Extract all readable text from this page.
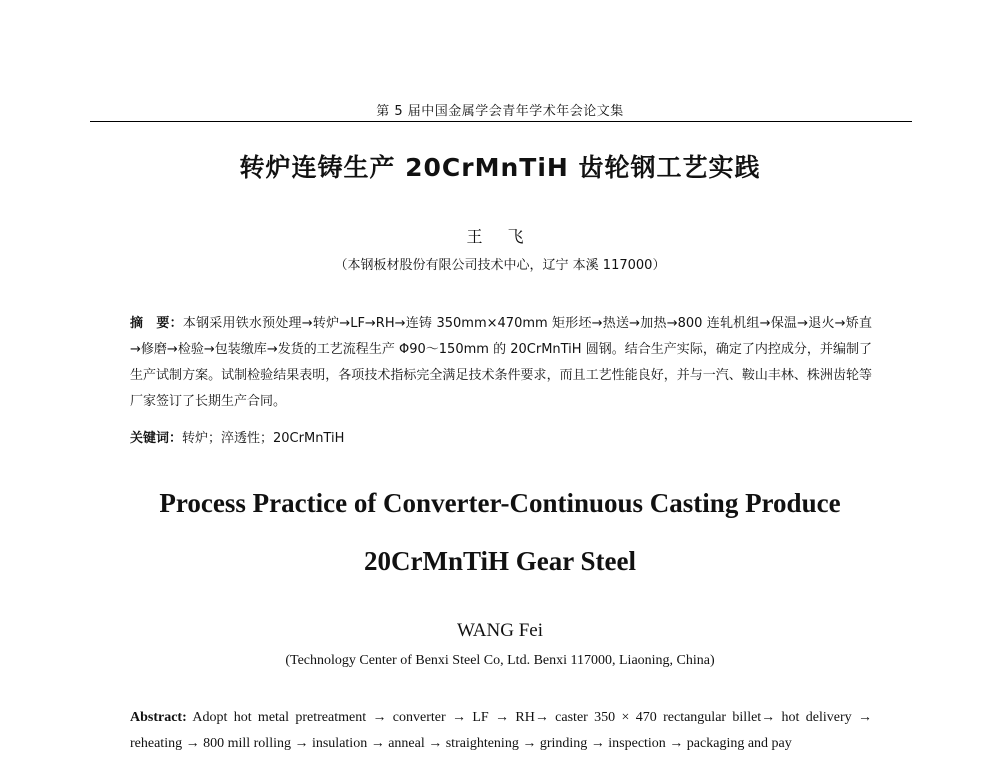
第 5 届中国金属学会青年学术年会论文集
转炉连铸生产 20CrMnTiH 齿轮钢工艺实践
王 飞
（本钢板材股份有限公司技术中心，辽宁 本溪 117000）
摘　要：本钢采用铁水预处理→转炉→LF→RH→连铸 350mm×470mm 矩形坯→热送→加热→800 连轧机组→保温→退火→矫直→修磨→检验→包装缴库→发货的工艺流程生产 Φ90～150mm 的 20CrMnTiH 圆钢。结合生产实际，确定了内控成分，并编制了生产试制方案。试制检验结果表明，各项技术指标完全满足技术条件要求，而且工艺性能良好，并与一汽、鞍山丰林、株洲齿轮等厂家签订了长期生产合同。
关键词：转炉；淬透性；20CrMnTiH
Process Practice of Converter-Continuous Casting Produce
20CrMnTiH Gear Steel
WANG Fei
(Technology Center of Benxi Steel Co, Ltd. Benxi 117000, Liaoning, China)
Abstract: Adopt hot metal pretreatment → converter → LF → RH→ caster 350 × 470 rectangular billet→ hot delivery → reheating → 800 mill rolling → insulation → anneal → straightening → grinding → inspection → packaging and pay
